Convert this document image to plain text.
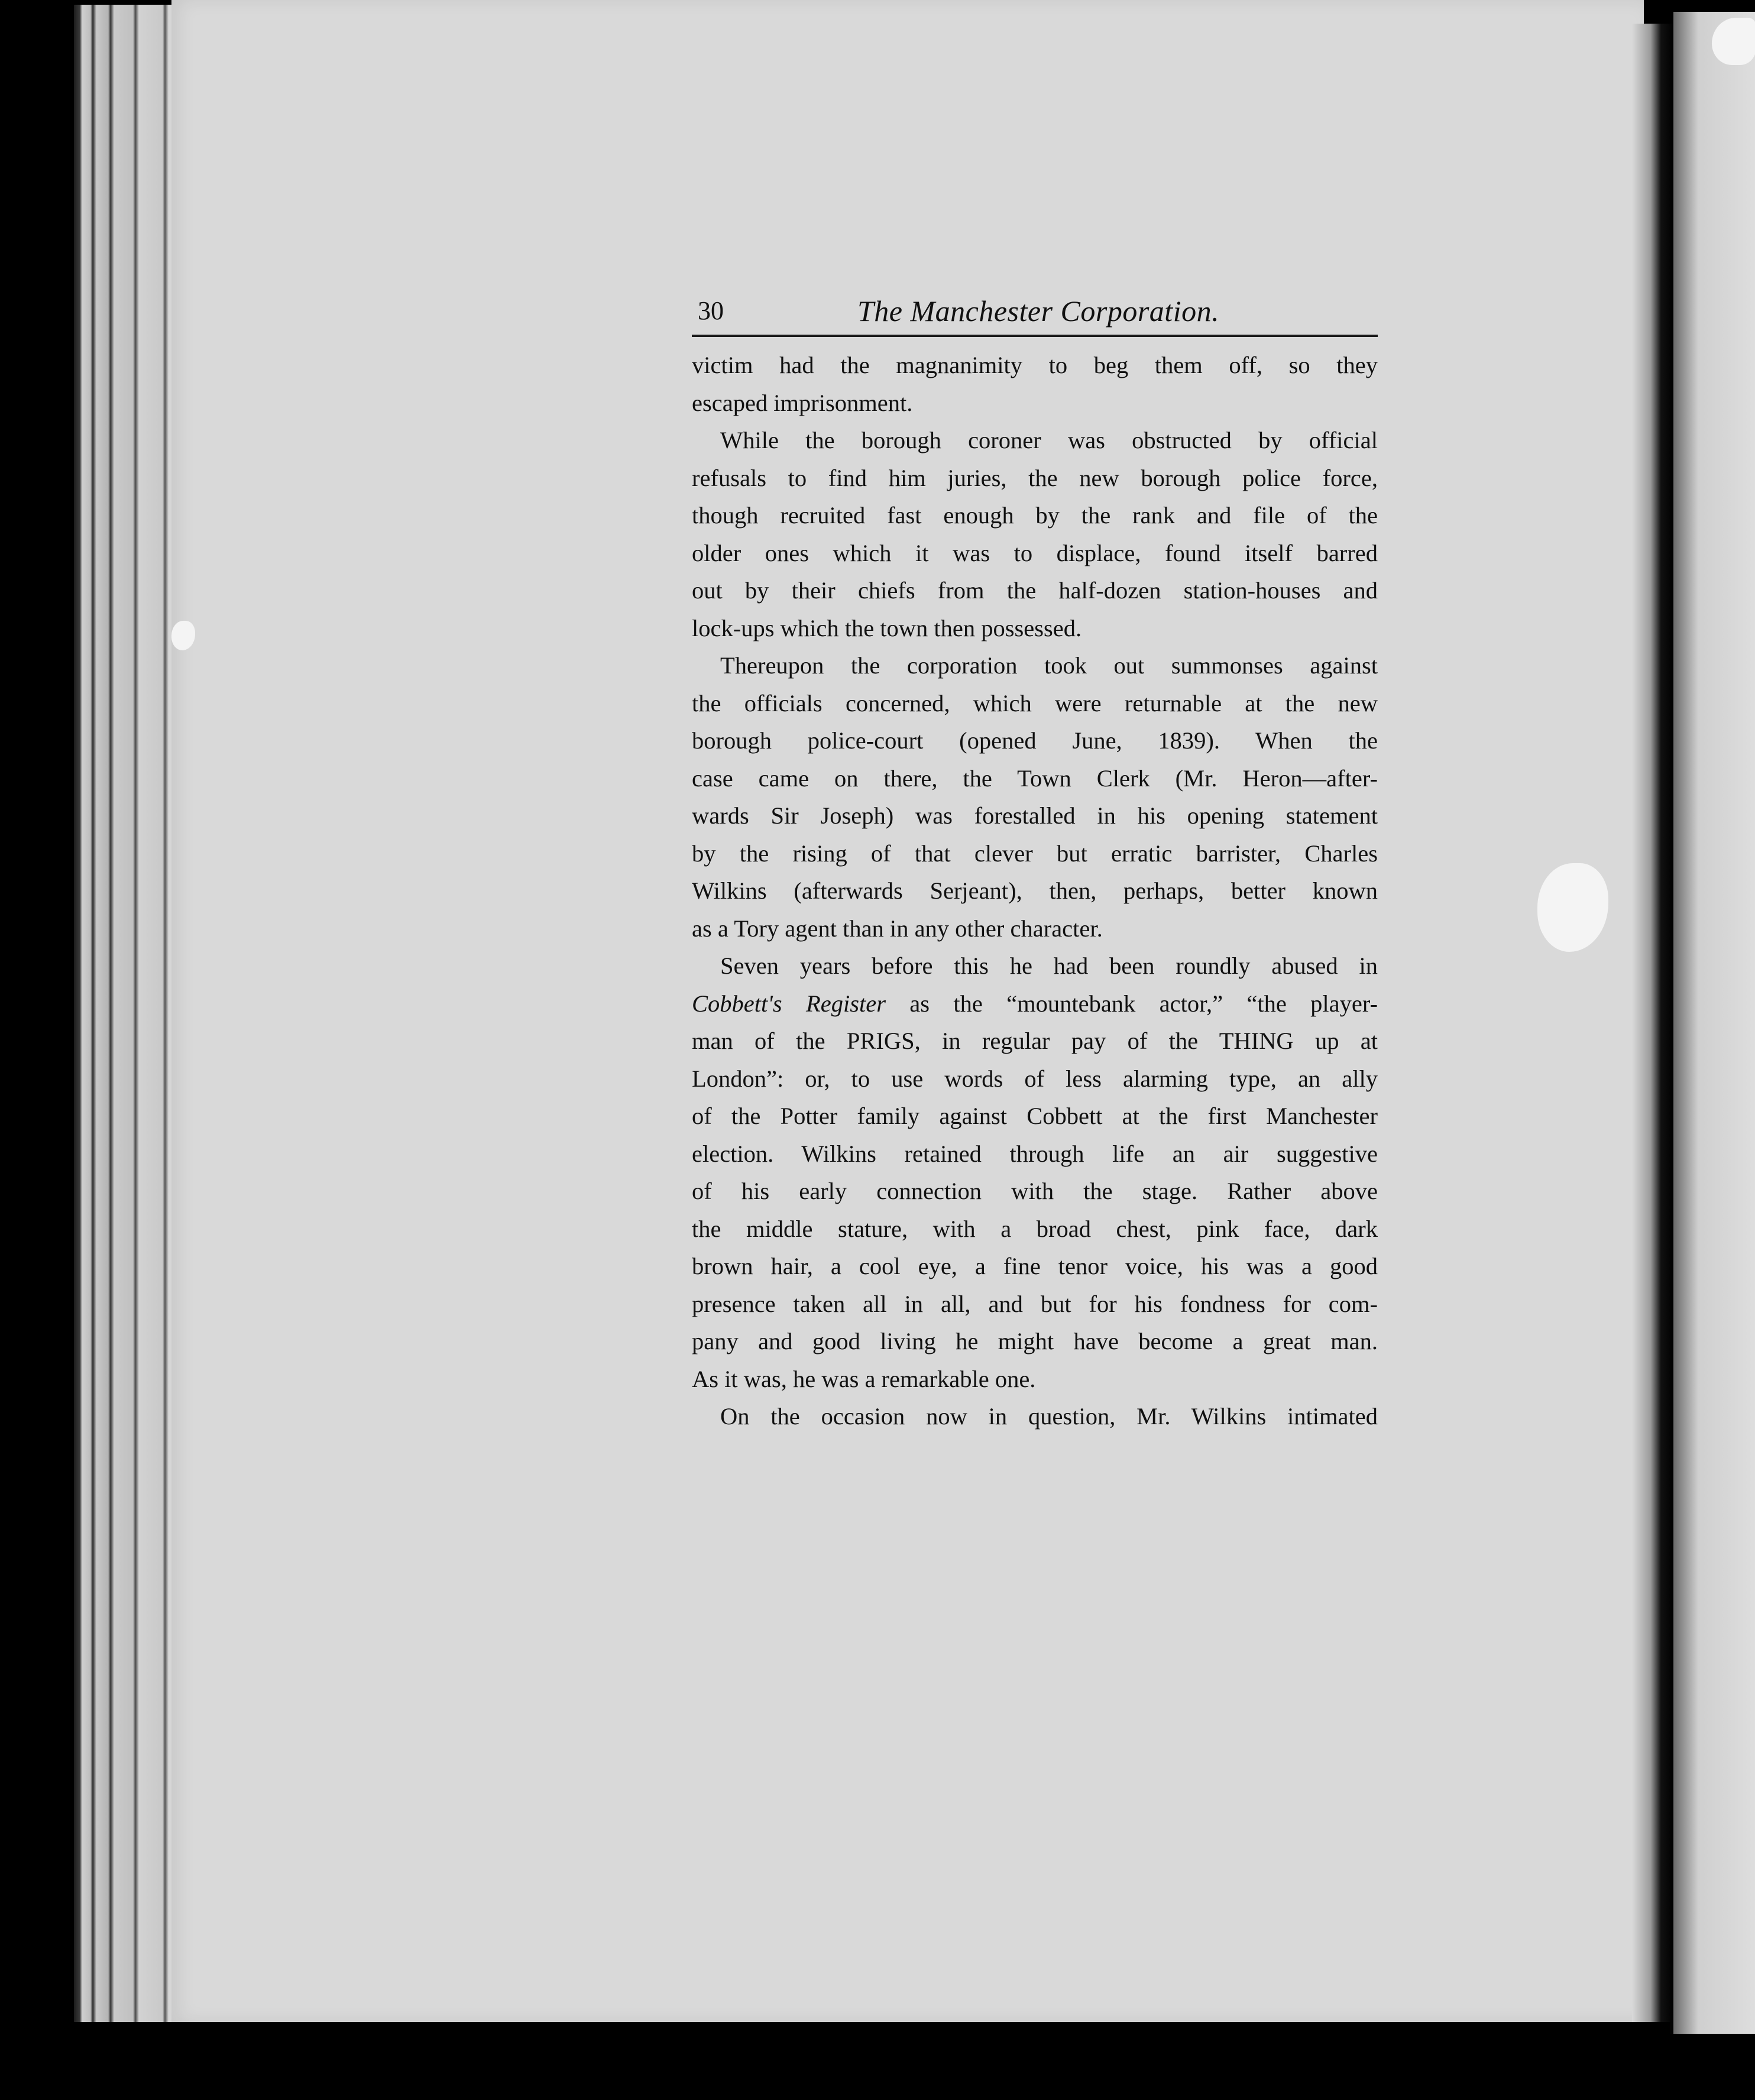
30	The Manchester Corporation.
victim had the magnanimity to beg them off, so they
escaped imprisonment.
While the borough coroner was obstructed by official
refusals to find him juries, the new borough police force,
though recruited fast enough by the rank and file of the
older ones which it was to displace, found itself barred
out by their chiefs from the half-dozen station-houses and
lock-ups which the town then possessed.
Thereupon the corporation took out summonses against
the officials concerned, which were returnable at the new
borough police-court (opened June, 1839). When the
case came on there, the Town Clerk (Mr. Heron—after-
wards Sir Joseph) was forestalled in his opening statement
by the rising of that clever but erratic barrister, Charles
Wilkins (afterwards Serjeant), then, perhaps, better known
as a Tory agent than in any other character.
Seven years before this he had been roundly abused in
Cobbett's Register as the “mountebank actor,” “the player-
man of the PRIGS, in regular pay of the THING up at
London”: or, to use words of less alarming type, an ally
of the Potter family against Cobbett at the first Manchester
election. Wilkins retained through life an air suggestive
of his early connection with the stage. Rather above
the middle stature, with a broad chest, pink face, dark
brown hair, a cool eye, a fine tenor voice, his was a good
presence taken all in all, and but for his fondness for com-
pany and good living he might have become a great man.
As it was, he was a remarkable one.
On the occasion now in question, Mr. Wilkins intimated
